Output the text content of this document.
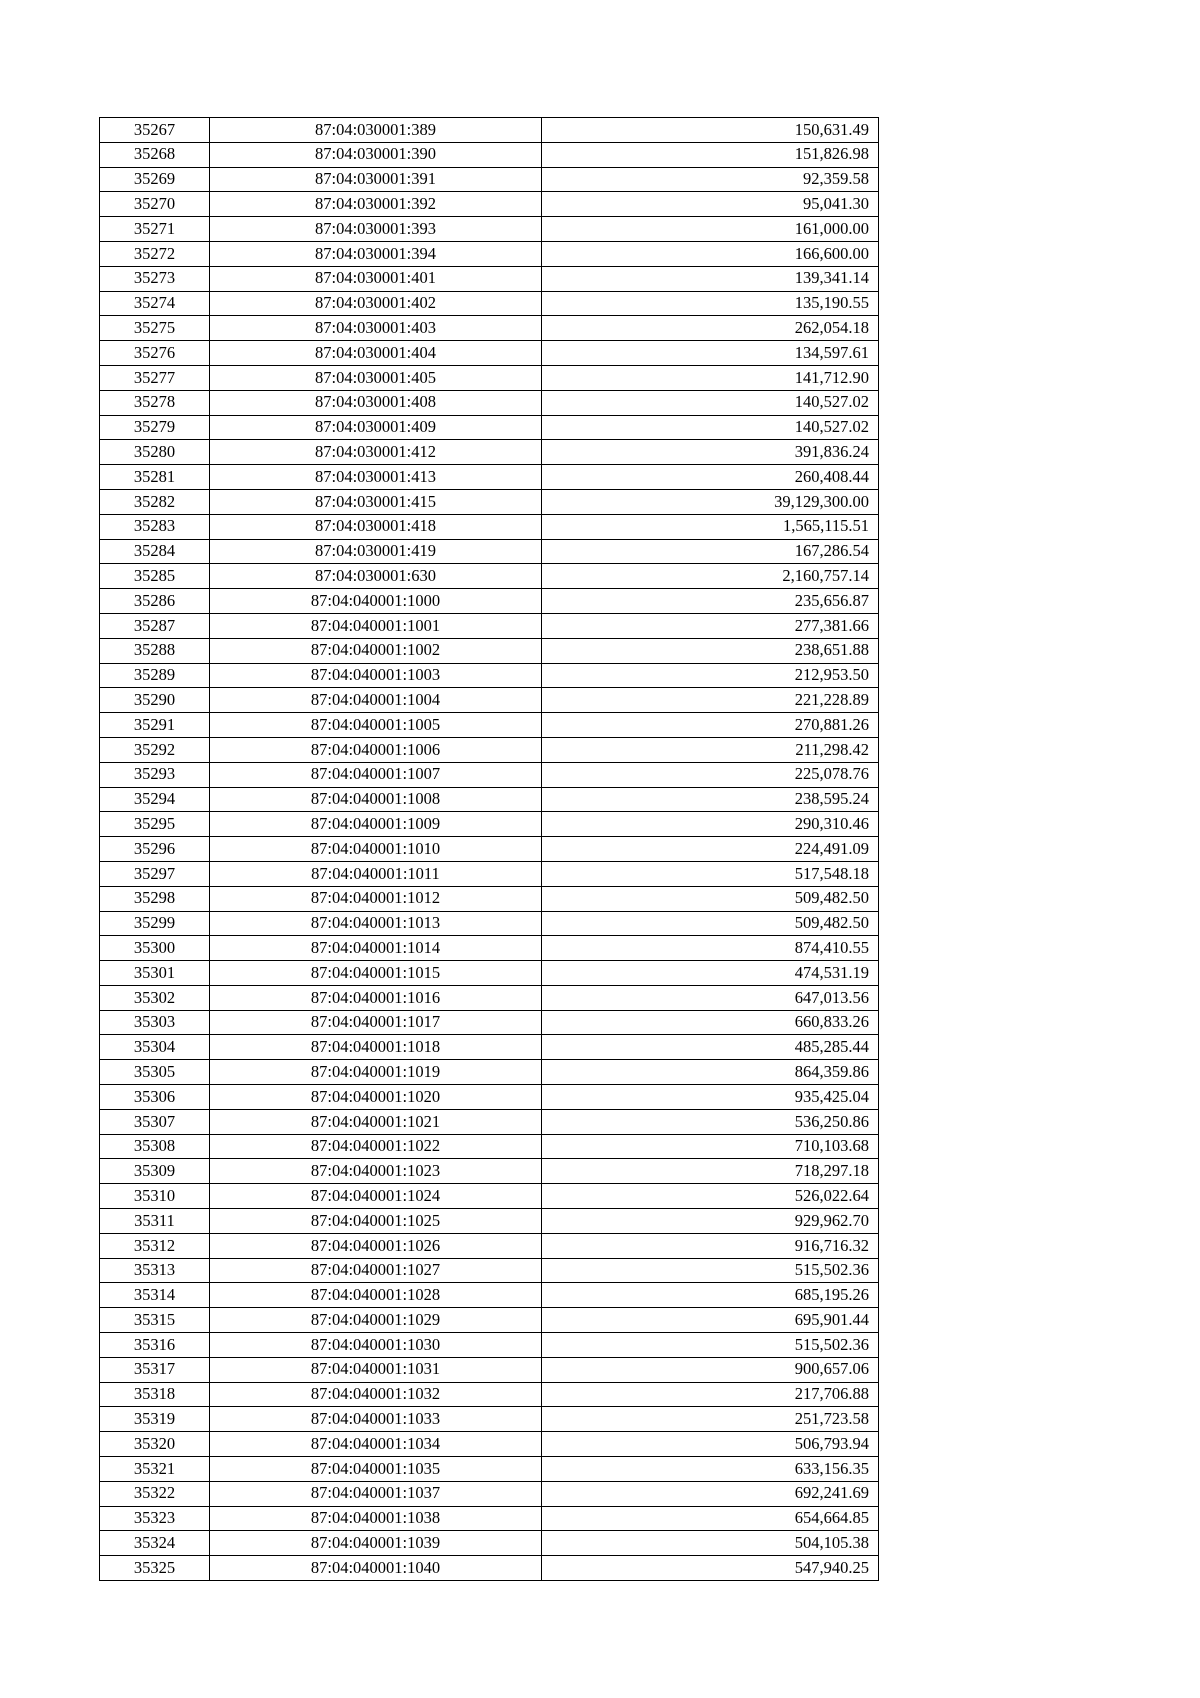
35267	87:04:030001:389	150,631.49
35268	87:04:030001:390	151,826.98
35269	87:04:030001:391	92,359.58
35270	87:04:030001:392	95,041.30
35271	87:04:030001:393	161,000.00
35272	87:04:030001:394	166,600.00
35273	87:04:030001:401	139,341.14
35274	87:04:030001:402	135,190.55
35275	87:04:030001:403	262,054.18
35276	87:04:030001:404	134,597.61
35277	87:04:030001:405	141,712.90
35278	87:04:030001:408	140,527.02
35279	87:04:030001:409	140,527.02
35280	87:04:030001:412	391,836.24
35281	87:04:030001:413	260,408.44
35282	87:04:030001:415	39,129,300.00
35283	87:04:030001:418	1,565,115.51
35284	87:04:030001:419	167,286.54
35285	87:04:030001:630	2,160,757.14
35286	87:04:040001:1000	235,656.87
35287	87:04:040001:1001	277,381.66
35288	87:04:040001:1002	238,651.88
35289	87:04:040001:1003	212,953.50
35290	87:04:040001:1004	221,228.89
35291	87:04:040001:1005	270,881.26
35292	87:04:040001:1006	211,298.42
35293	87:04:040001:1007	225,078.76
35294	87:04:040001:1008	238,595.24
35295	87:04:040001:1009	290,310.46
35296	87:04:040001:1010	224,491.09
35297	87:04:040001:1011	517,548.18
35298	87:04:040001:1012	509,482.50
35299	87:04:040001:1013	509,482.50
35300	87:04:040001:1014	874,410.55
35301	87:04:040001:1015	474,531.19
35302	87:04:040001:1016	647,013.56
35303	87:04:040001:1017	660,833.26
35304	87:04:040001:1018	485,285.44
35305	87:04:040001:1019	864,359.86
35306	87:04:040001:1020	935,425.04
35307	87:04:040001:1021	536,250.86
35308	87:04:040001:1022	710,103.68
35309	87:04:040001:1023	718,297.18
35310	87:04:040001:1024	526,022.64
35311	87:04:040001:1025	929,962.70
35312	87:04:040001:1026	916,716.32
35313	87:04:040001:1027	515,502.36
35314	87:04:040001:1028	685,195.26
35315	87:04:040001:1029	695,901.44
35316	87:04:040001:1030	515,502.36
35317	87:04:040001:1031	900,657.06
35318	87:04:040001:1032	217,706.88
35319	87:04:040001:1033	251,723.58
35320	87:04:040001:1034	506,793.94
35321	87:04:040001:1035	633,156.35
35322	87:04:040001:1037	692,241.69
35323	87:04:040001:1038	654,664.85
35324	87:04:040001:1039	504,105.38
35325	87:04:040001:1040	547,940.25
